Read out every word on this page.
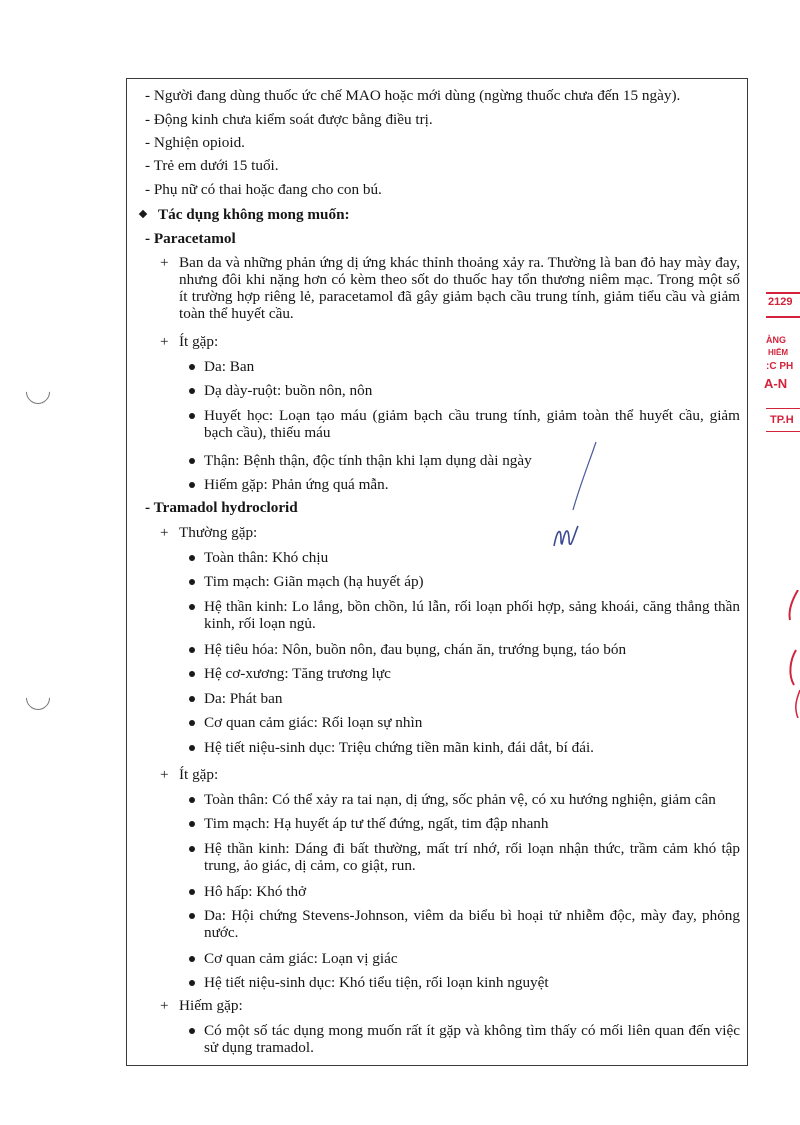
- Người đang dùng thuốc ức chế MAO hoặc mới dùng (ngừng thuốc chưa đến 15 ngày).
- Động kinh chưa kiểm soát được bằng điều trị.
- Nghiện opioid.
- Trẻ em dưới 15 tuổi.
- Phụ nữ có thai hoặc đang cho con bú.
Tác dụng không mong muốn:
- Paracetamol
+ Ban da và những phản ứng dị ứng khác thỉnh thoảng xảy ra. Thường là ban đỏ hay mày đay, nhưng đôi khi nặng hơn có kèm theo sốt do thuốc hay tổn thương niêm mạc. Trong một số ít trường hợp riêng lẻ, paracetamol đã gây giảm bạch cầu trung tính, giảm tiểu cầu và giảm toàn thể huyết cầu.
+ Ít gặp:
Da: Ban
Dạ dày-ruột: buồn nôn, nôn
Huyết học: Loạn tạo máu (giảm bạch cầu trung tính, giảm toàn thể huyết cầu, giảm bạch cầu), thiếu máu
Thận: Bệnh thận, độc tính thận khi lạm dụng dài ngày
Hiếm gặp: Phản ứng quá mẫn.
- Tramadol hydroclorid
+ Thường gặp:
Toàn thân: Khó chịu
Tim mạch: Giãn mạch (hạ huyết áp)
Hệ thần kinh: Lo lắng, bồn chồn, lú lẫn, rối loạn phối hợp, sảng khoái, căng thẳng thần kinh, rối loạn ngủ.
Hệ tiêu hóa: Nôn, buồn nôn, đau bụng, chán ăn, trướng bụng, táo bón
Hệ cơ-xương: Tăng trương lực
Da: Phát ban
Cơ quan cảm giác: Rối loạn sự nhìn
Hệ tiết niệu-sinh dục: Triệu chứng tiền mãn kinh, đái dắt, bí đái.
+ Ít gặp:
Toàn thân: Có thể xảy ra tai nạn, dị ứng, sốc phản vệ, có xu hướng nghiện, giảm cân
Tim mạch: Hạ huyết áp tư thế đứng, ngất, tim đập nhanh
Hệ thần kinh: Dáng đi bất thường, mất trí nhớ, rối loạn nhận thức, trầm cảm khó tập trung, ảo giác, dị cảm, co giật, run.
Hô hấp: Khó thở
Da: Hội chứng Stevens-Johnson, viêm da biểu bì hoại tử nhiễm độc, mày đay, phỏng nước.
Cơ quan cảm giác: Loạn vị giác
Hệ tiết niệu-sinh dục: Khó tiểu tiện, rối loạn kinh nguyệt
+ Hiếm gặp:
Có một số tác dụng mong muốn rất ít gặp và không tìm thấy có mối liên quan đến việc sử dụng tramadol.
2129
ÀNG
HIỂM
:C PH
A-N
TP.H
